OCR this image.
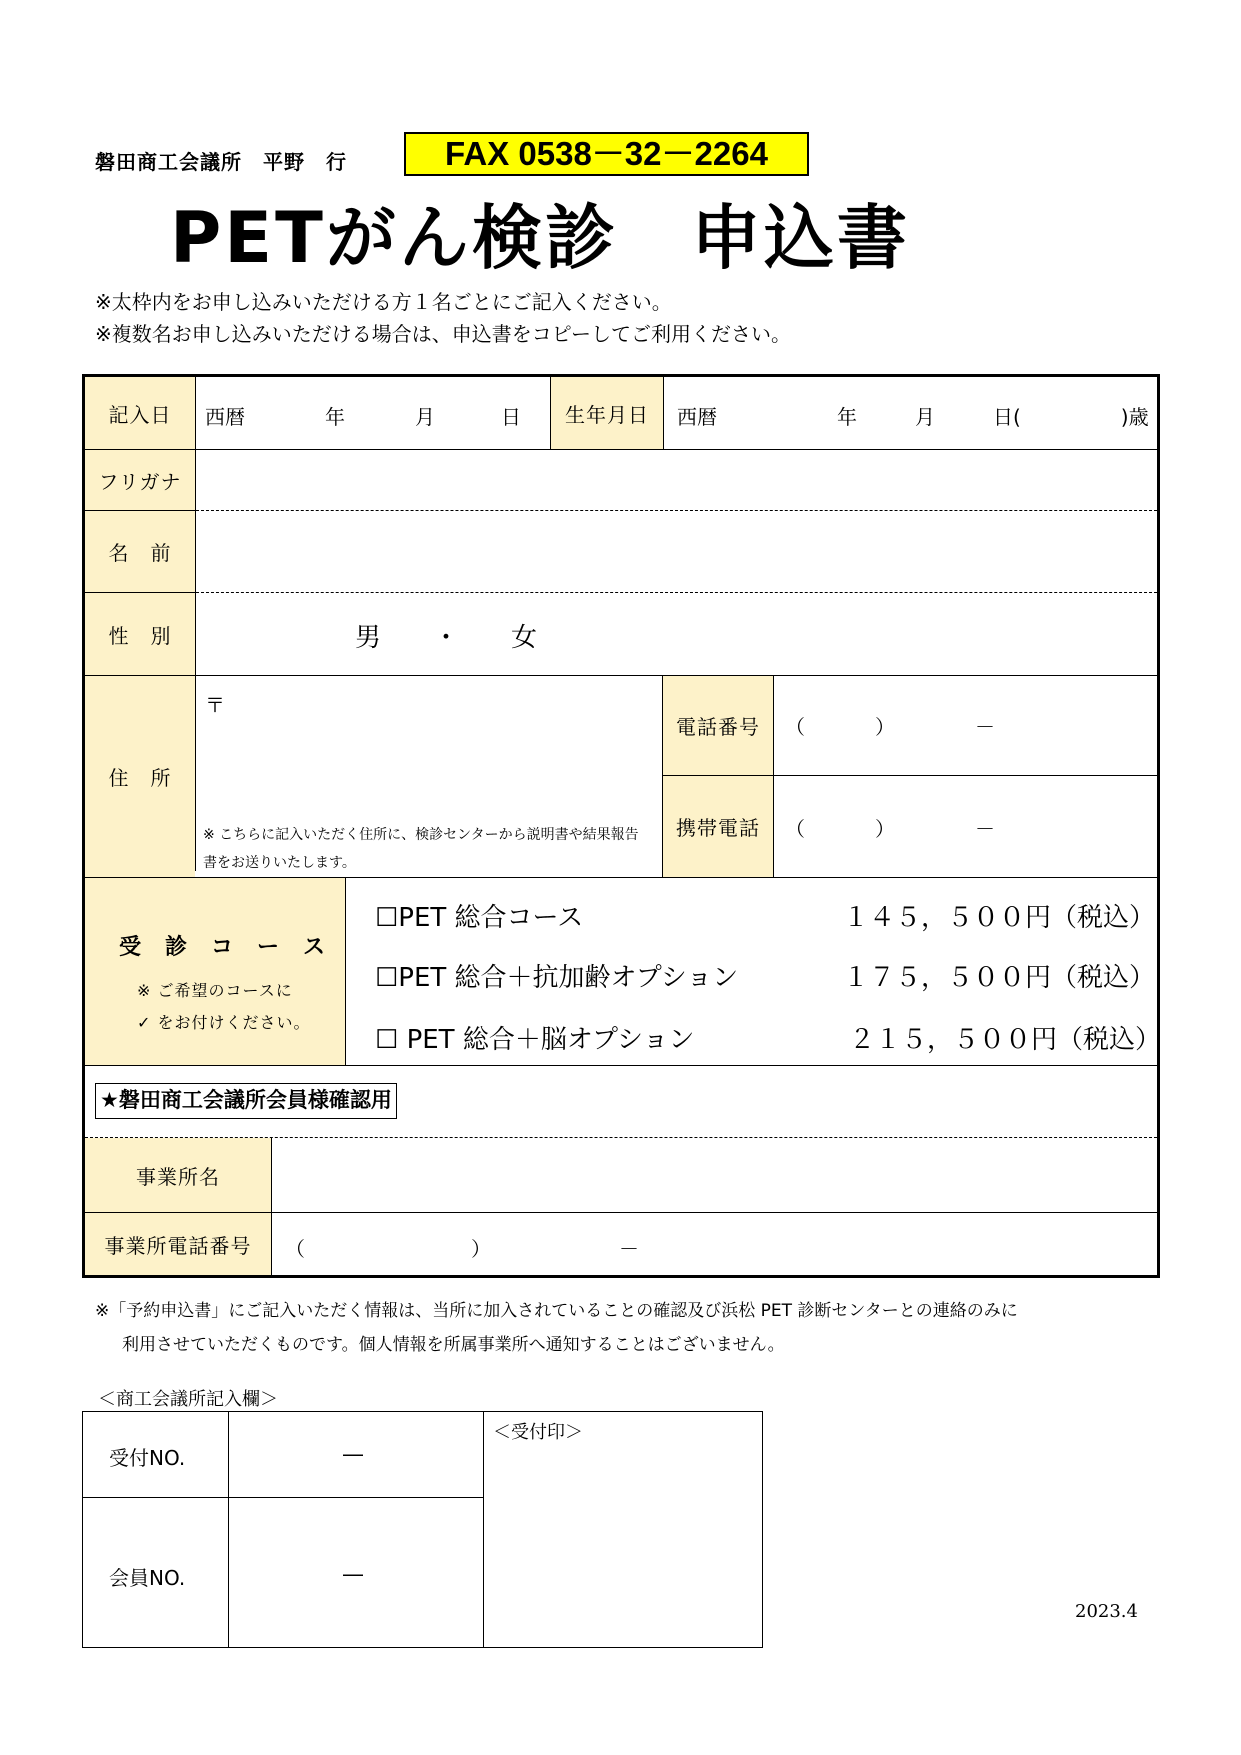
磐田商工会議所　平野　行	FAX 0538－32－2264
PETがん検診　申込書
※太枠内をお申し込みいただける方１名ごとにご記入ください。
※複数名お申し込みいただける場合は、申込書をコピーしてご利用ください。
記入日	西暦	年	月	日	生年月日	西暦	年	月	日(　　　　　)歳
フリガナ
名　前
性　別	男　　・　　女
住　所
〒
※ こちらに記入いただく住所に、検診センターから説明書や結果報告
書をお送りいたします。
電話番号	（	）	－
携帯電話	（	）	－
受　診　コ　ー　ス
※ ご希望のコースに
✓ をお付けください。
☐PET 総合コース	１４５，５００円（税込）
☐PET 総合＋抗加齢オプション	１７５，５００円（税込）
☐ PET 総合＋脳オプション	２１５，５００円（税込）
事業所名
事業所電話番号	（	）	－
★磐田商工会議所会員様確認用
※「予約申込書」にご記入いただく情報は、当所に加入されていることの確認及び浜松 PET 診断センターとの連絡のみに
利用させていただくものです。個人情報を所属事業所へ通知することはございません。
＜商工会議所記入欄＞
受付NO.	―
会員NO.	―
＜受付印＞
2023.4
